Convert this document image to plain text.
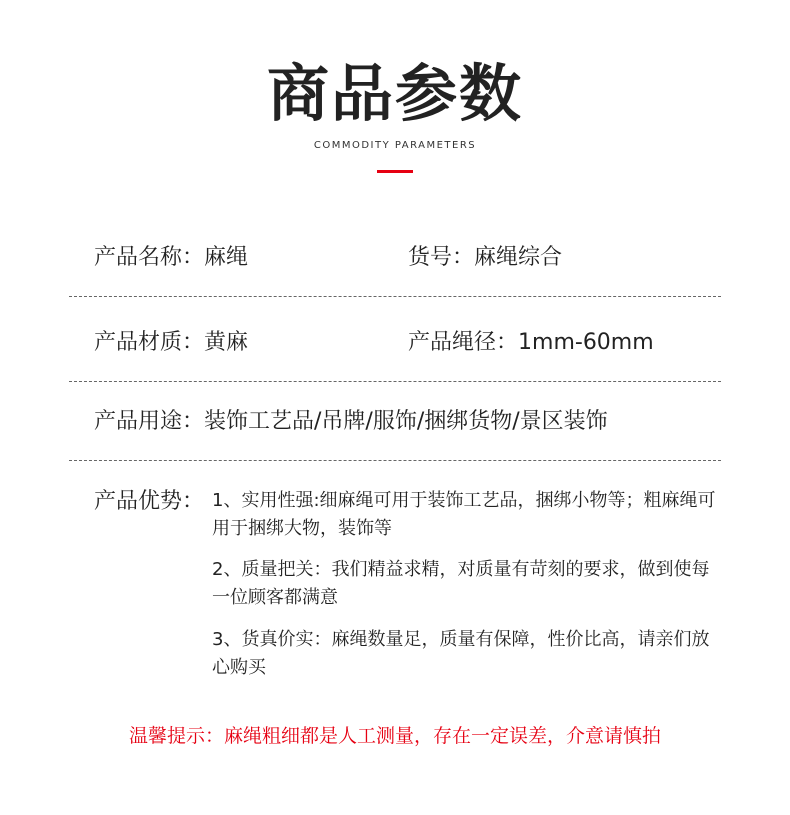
商品参数
COMMODITY PARAMETERS
产品名称：麻绳	货号：麻绳综合
产品材质：黄麻	产品绳径：1mm-60mm
产品用途：装饰工艺品/吊牌/服饰/捆绑货物/景区装饰
产品优势： 1、实用性强:细麻绳可用于装饰工艺品，捆绑小物等；粗麻绳可用于捆绑大物，装饰等
2、质量把关：我们精益求精，对质量有苛刻的要求，做到使每一位顾客都满意
3、货真价实：麻绳数量足，质量有保障，性价比高，请亲们放心购买
温馨提示：麻绳粗细都是人工测量，存在一定误差，介意请慎拍
